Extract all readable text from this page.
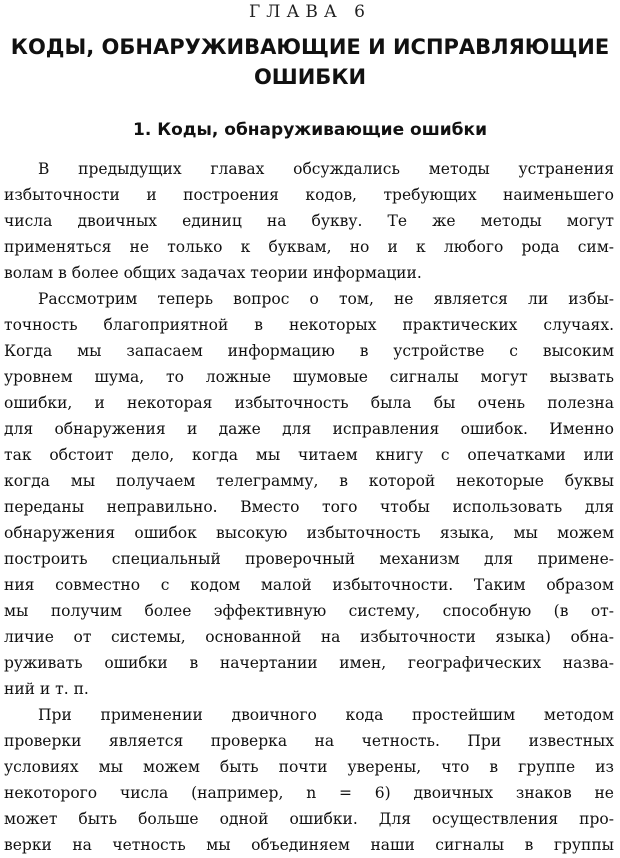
ГЛАВА 6
КОДЫ, ОБНАРУЖИВАЮЩИЕ И ИСПРАВЛЯЮЩИЕ
ОШИБКИ
1. Коды, обнаруживающие ошибки
В предыдущих главах обсуждались методы устранения
избыточности и построения кодов, требующих наименьшего
числа двоичных единиц на букву. Те же методы могут
применяться не только к буквам, но и к любого рода сим-
волам в более общих задачах теории информации.
Рассмотрим теперь вопрос о том, не является ли избы-
точность благоприятной в некоторых практических случаях.
Когда мы запасаем информацию в устройстве с высоким
уровнем шума, то ложные шумовые сигналы могут вызвать
ошибки, и некоторая избыточность была бы очень полезна
для обнаружения и даже для исправления ошибок. Именно
так обстоит дело, когда мы читаем книгу с опечатками или
когда мы получаем телеграмму, в которой некоторые буквы
переданы неправильно. Вместо того чтобы использовать для
обнаружения ошибок высокую избыточность языка, мы можем
построить специальный проверочный механизм для примене-
ния совместно с кодом малой избыточности. Таким образом
мы получим более эффективную систему, способную (в от-
личие от системы, основанной на избыточности языка) обна-
руживать ошибки в начертании имен, географических назва-
ний и т. п.
При применении двоичного кода простейшим методом
проверки является проверка на четность. При известных
условиях мы можем быть почти уверены, что в группе из
некоторого числа (например, n = 6) двоичных знаков не
может быть больше одной ошибки. Для осуществления про-
верки на четность мы объединяем наши сигналы в группы
